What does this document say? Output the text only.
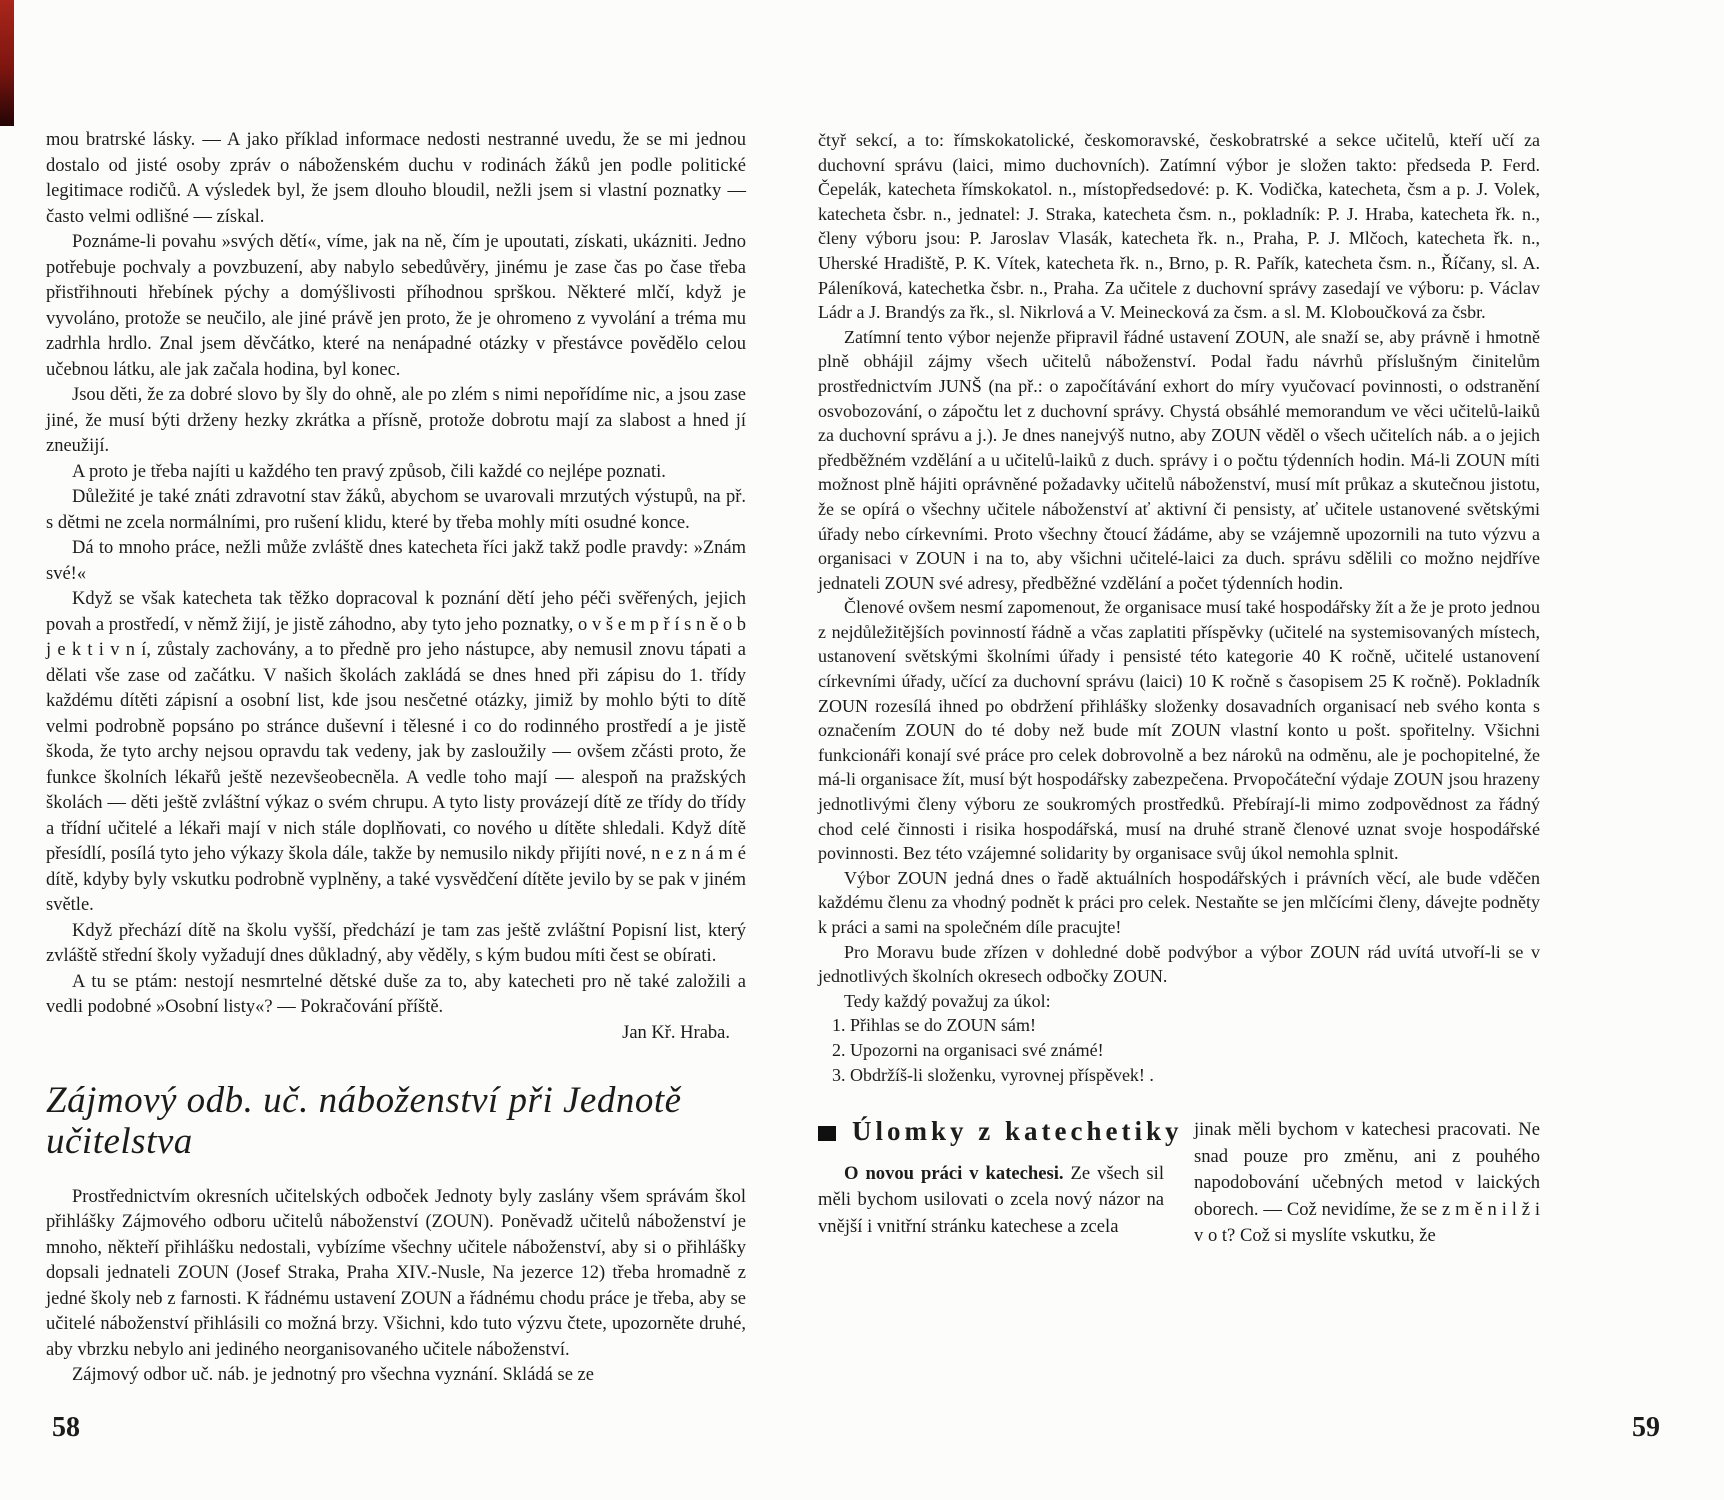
mou bratrské lásky. — A jako příklad informace nedosti nestranné uvedu, že se mi jednou dostalo od jisté osoby zpráv o náboženském duchu v rodinách žáků jen podle politické legitimace rodičů. A výsledek byl, že jsem dlouho bloudil, nežli jsem si vlastní poznatky — často velmi odlišné — získal.

Poznáme-li povahu »svých dětí«, víme, jak na ně, čím je upoutati, získati, ukázniti. Jedno potřebuje pochvaly a povzbuzení, aby nabylo sebedůvěry, jinému je zase čas po čase třeba přistřihnouti hřebínek pýchy a domýšlivosti příhodnou sprškou. Některé mlčí, když je vyvoláno, protože se neučilo, ale jiné právě jen proto, že je ohromeno z vyvolání a tréma mu zadrhla hrdlo. Znal jsem děvčátko, které na nenápadné otázky v přestávce povědělo celou učebnou látku, ale jak začala hodina, byl konec.

Jsou děti, že za dobré slovo by šly do ohně, ale po zlém s nimi nepořídíme nic, a jsou zase jiné, že musí býti drženy hezky zkrátka a přísně, protože dobrotu mají za slabost a hned jí zneužijí.

A proto je třeba najíti u každého ten pravý způsob, čili každé co nejlépe poznati.

Důležité je také znáti zdravotní stav žáků, abychom se uvarovali mrzutých výstupů, na př. s dětmi ne zcela normálními, pro rušení klidu, které by třeba mohly míti osudné konce.

Dá to mnoho práce, nežli může zvláště dnes katecheta říci jakž takž podle pravdy: »Znám své!«

Když se však katecheta tak těžko dopracoval k poznání dětí jeho péči svěřených, jejich povah a prostředí, v němž žijí, je jistě záhodno, aby tyto jeho poznatky, o v š e m p ř í s n ě o b j e k t i v n í, zůstaly zachovány, a to předně pro jeho nástupce, aby nemusil znovu tápati a dělati vše zase od začátku. V našich školách zakládá se dnes hned při zápisu do 1. třídy každému dítěti zápisní a osobní list, kde jsou nesčetné otázky, jimiž by mohlo býti to dítě velmi podrobně popsáno po stránce duševní i tělesné i co do rodinného prostředí a je jistě škoda, že tyto archy nejsou opravdu tak vedeny, jak by zasloužily — ovšem zčásti proto, že funkce školních lékařů ještě nezevšeobecněla. A vedle toho mají — alespoň na pražských školách — děti ještě zvláštní výkaz o svém chrupu. A tyto listy provázejí dítě ze třídy do třídy a třídní učitelé a lékaři mají v nich stále doplňovati, co nového u dítěte shledali. Když dítě přesídlí, posílá tyto jeho výkazy škola dále, takže by nemusilo nikdy přijíti nové, n e z n á m é dítě, kdyby byly vskutku podrobně vyplněny, a také vysvědčení dítěte jevilo by se pak v jiném světle.

Když přechází dítě na školu vyšší, předchází je tam zas ještě zvláštní Popisní list, který zvláště střední školy vyžadují dnes důkladný, aby věděly, s kým budou míti čest se obírati.

A tu se ptám: nestojí nesmrtelné dětské duše za to, aby katecheti pro ně také založili a vedli podobné »Osobní listy«? — Pokračování příště.

Jan Kř. Hraba.

Zájmový odb. uč. náboženství při Jednotě učitelstva

Prostřednictvím okresních učitelských odboček Jednoty byly zaslány všem správám škol přihlášky Zájmového odboru učitelů náboženství (ZOUN). Poněvadž učitelů náboženství je mnoho, někteří přihlášku nedostali, vybízíme všechny učitele náboženství, aby si o přihlášky dopsali jednateli ZOUN (Josef Straka, Praha XIV.-Nusle, Na jezerce 12) třeba hromadně z jedné školy neb z farnosti. K řádnému ustavení ZOUN a řádnému chodu práce je třeba, aby se učitelé náboženství přihlásili co možná brzy. Všichni, kdo tuto výzvu čtete, upozorněte druhé, aby vbrzku nebylo ani jediného neorganisovaného učitele náboženství.

Zájmový odbor uč. náb. je jednotný pro všechna vyznání. Skládá se ze

čtyř sekcí, a to: římskokatolické, českomoravské, českobratrské a sekce učitelů, kteří učí za duchovní správu (laici, mimo duchovních). Zatímní výbor je složen takto: předseda P. Ferd. Čepelák, katecheta římskokatol. n., místopředsedové: p. K. Vodička, katecheta, čsm a p. J. Volek, katecheta čsbr. n., jednatel: J. Straka, katecheta čsm. n., pokladník: P. J. Hraba, katecheta řk. n., členy výboru jsou: P. Jaroslav Vlasák, katecheta řk. n., Praha, P. J. Mlčoch, katecheta řk. n., Uherské Hradiště, P. K. Vítek, katecheta řk. n., Brno, p. R. Pařík, katecheta čsm. n., Říčany, sl. A. Páleníková, katechetka čsbr. n., Praha. Za učitele z duchovní správy zasedají ve výboru: p. Václav Ládr a J. Brandýs za řk., sl. Nikrlová a V. Meinecková za čsm. a sl. M. Kloboučková za čsbr.

Zatímní tento výbor nejenže připravil řádné ustavení ZOUN, ale snaží se, aby právně i hmotně plně obhájil zájmy všech učitelů náboženství. Podal řadu návrhů příslušným činitelům prostřednictvím JUNŠ (na př.: o započítávání exhort do míry vyučovací povinnosti, o odstranění osvobozování, o zápočtu let z duchovní správy. Chystá obsáhlé memorandum ve věci učitelů-laiků za duchovní správu a j.). Je dnes nanejvýš nutno, aby ZOUN věděl o všech učitelích náb. a o jejich předběžném vzdělání a u učitelů-laiků z duch. správy i o počtu týdenních hodin. Má-li ZOUN míti možnost plně hájiti oprávněné požadavky učitelů náboženství, musí mít průkaz a skutečnou jistotu, že se opírá o všechny učitele náboženství ať aktivní či pensisty, ať učitele ustanovené světskými úřady nebo církevními. Proto všechny čtoucí žádáme, aby se vzájemně upozornili na tuto výzvu a organisaci v ZOUN i na to, aby všichni učitelé-laici za duch. správu sdělili co možno nejdříve jednateli ZOUN své adresy, předběžné vzdělání a počet týdenních hodin.

Členové ovšem nesmí zapomenout, že organisace musí také hospodářsky žít a že je proto jednou z nejdůležitějších povinností řádně a včas zaplatiti příspěvky (učitelé na systemisovaných místech, ustanovení světskými školními úřady i pensisté této kategorie 40 K ročně, učitelé ustanovení církevními úřady, učící za duchovní správu (laici) 10 K ročně s časopisem 25 K ročně). Pokladník ZOUN rozesílá ihned po obdržení přihlášky složenky dosavadních organisací neb svého konta s označením ZOUN do té doby než bude mít ZOUN vlastní konto u pošt. spořitelny. Všichni funkcionáři konají své práce pro celek dobrovolně a bez nároků na odměnu, ale je pochopitelné, že má-li organisace žít, musí být hospodářsky zabezpečena. Prvopočáteční výdaje ZOUN jsou hrazeny jednotlivými členy výboru ze soukromých prostředků. Přebírají-li mimo zodpovědnost za řádný chod celé činnosti i risika hospodářská, musí na druhé straně členové uznat svoje hospodářské povinnosti. Bez této vzájemné solidarity by organisace svůj úkol nemohla splnit.

Výbor ZOUN jedná dnes o řadě aktuálních hospodářských i právních věcí, ale bude vděčen každému členu za vhodný podnět k práci pro celek. Nestaňte se jen mlčícími členy, dávejte podněty k práci a sami na společném díle pracujte!

Pro Moravu bude zřízen v dohledné době podvýbor a výbor ZOUN rád uvítá utvoří-li se v jednotlivých školních okresech odbočky ZOUN.

Tedy každý považuj za úkol:

1. Přihlas se do ZOUN sám!

2. Upozorni na organisaci své známé!

3. Obdržíš-li složenku, vyrovnej příspěvek! .

Úlomky z katechetiky

O novou práci v katechesi. Ze všech sil měli bychom usilovati o zcela nový názor na vnější i vnitřní stránku katechese a zcela

jinak měli bychom v katechesi pracovati. Ne snad pouze pro změnu, ani z pouhého napodobování učebných metod v laických oborech. — Což nevidíme, že se z m ě n i l ž i v o t? Což si myslíte vskutku, že

58	59
